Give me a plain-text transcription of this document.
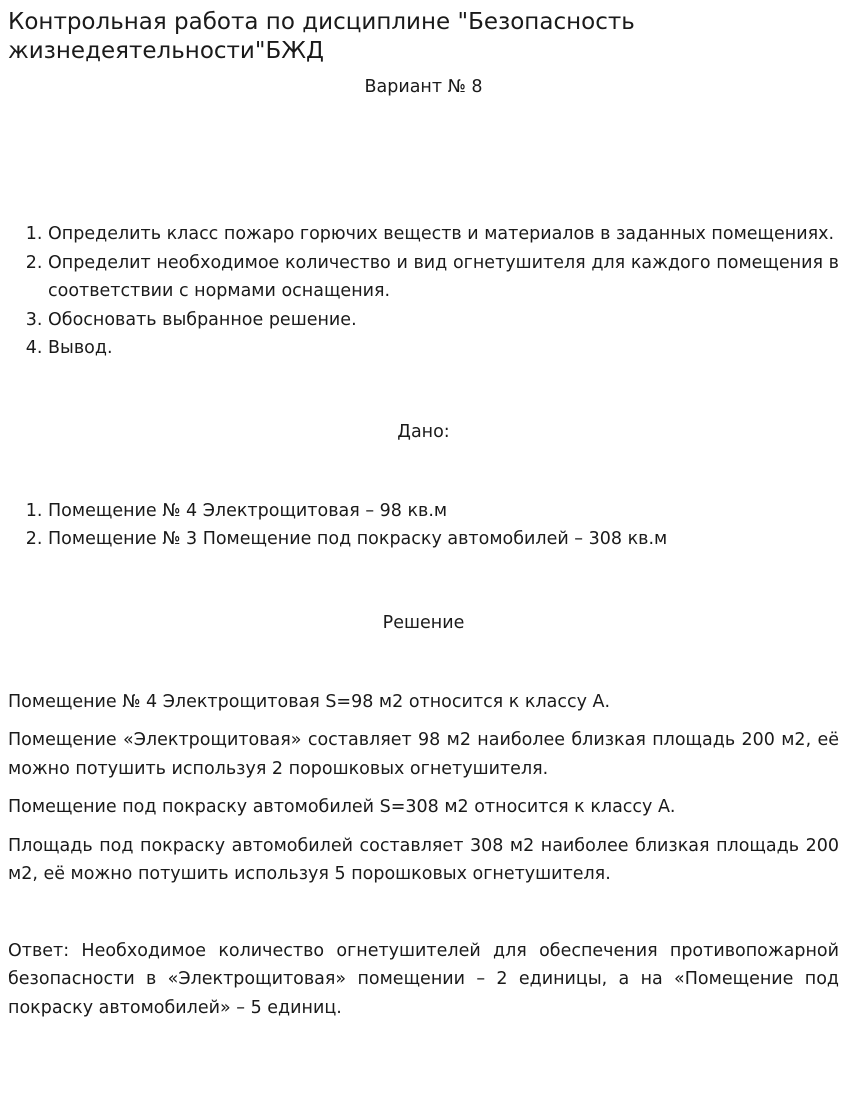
Контрольная работа по дисциплине "Безопасность жизнедеятельности"БЖД
Вариант № 8
1. Определить класс пожаро горючих веществ и материалов в заданных помещениях.
2. Определит необходимое количество и вид огнетушителя для каждого помещения в соответствии с нормами оснащения.
3. Обосновать выбранное решение.
4. Вывод.
Дано:
1. Помещение № 4 Электрощитовая – 98 кв.м
2. Помещение № 3 Помещение под покраску автомобилей – 308 кв.м
Решение

Помещение № 4 Электрощитовая S=98 м2 относится к классу А.

Помещение «Электрощитовая» составляет 98 м2 наиболее близкая площадь 200 м2, её можно потушить используя 2 порошковых огнетушителя.

Помещение под покраску автомобилей S=308 м2 относится к классу А.

Площадь под покраску автомобилей составляет 308 м2 наиболее близкая площадь 200 м2, её можно потушить используя 5 порошковых огнетушителя.

Ответ: Необходимое количество огнетушителей для обеспечения противопожарной безопасности в «Электрощитовая» помещении – 2 единицы, а на «Помещение под покраску автомобилей» – 5 единиц.
